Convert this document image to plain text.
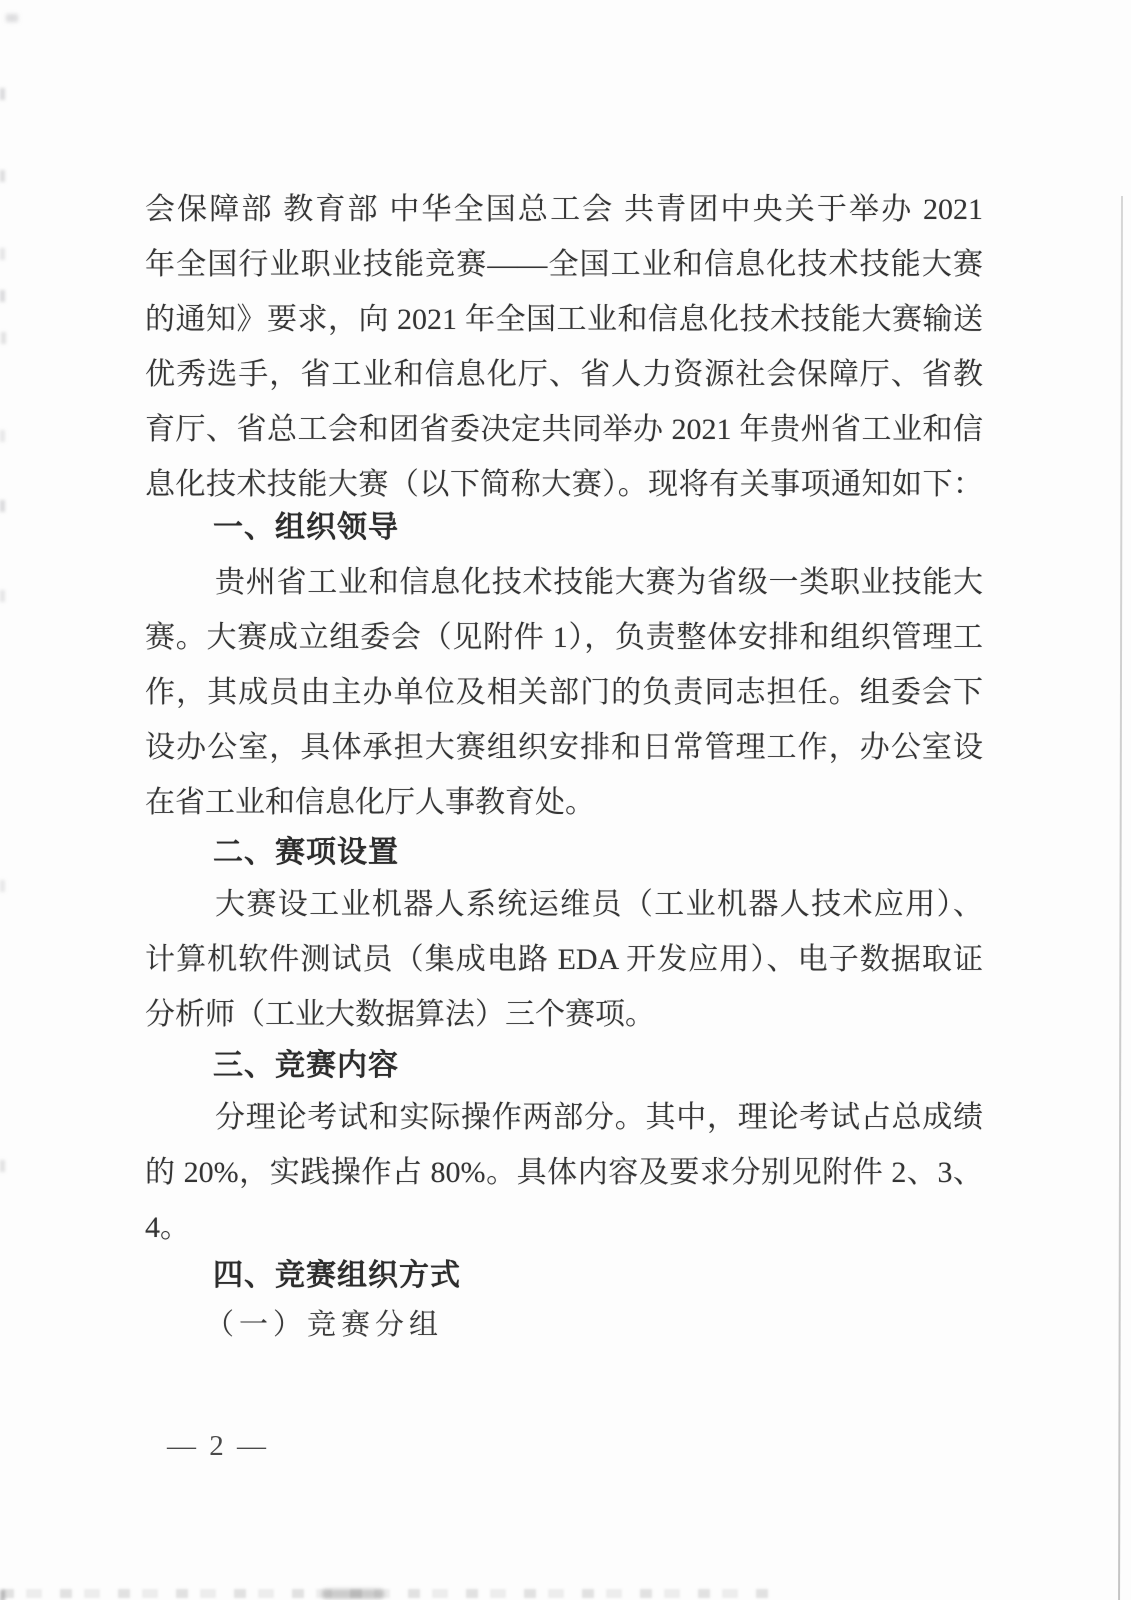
会保障部 教育部 中华全国总工会 共青团中央关于举办 2021
年全国行业职业技能竞赛——全国工业和信息化技术技能大赛
的通知》要求，向 2021 年全国工业和信息化技术技能大赛输送
优秀选手，省工业和信息化厅、省人力资源社会保障厅、省教
育厅、省总工会和团省委决定共同举办 2021 年贵州省工业和信
息化技术技能大赛（以下简称大赛）。现将有关事项通知如下：
一、组织领导
贵州省工业和信息化技术技能大赛为省级一类职业技能大
赛。大赛成立组委会（见附件 1），负责整体安排和组织管理工
作，其成员由主办单位及相关部门的负责同志担任。组委会下
设办公室，具体承担大赛组织安排和日常管理工作，办公室设
在省工业和信息化厅人事教育处。
二、赛项设置
大赛设工业机器人系统运维员（工业机器人技术应用）、
计算机软件测试员（集成电路 EDA 开发应用）、电子数据取证
分析师（工业大数据算法）三个赛项。
三、竞赛内容
分理论考试和实际操作两部分。其中，理论考试占总成绩
的 20%，实践操作占 80%。具体内容及要求分别见附件 2、3、
4。
四、竞赛组织方式
（一）竞赛分组
— 2 —
